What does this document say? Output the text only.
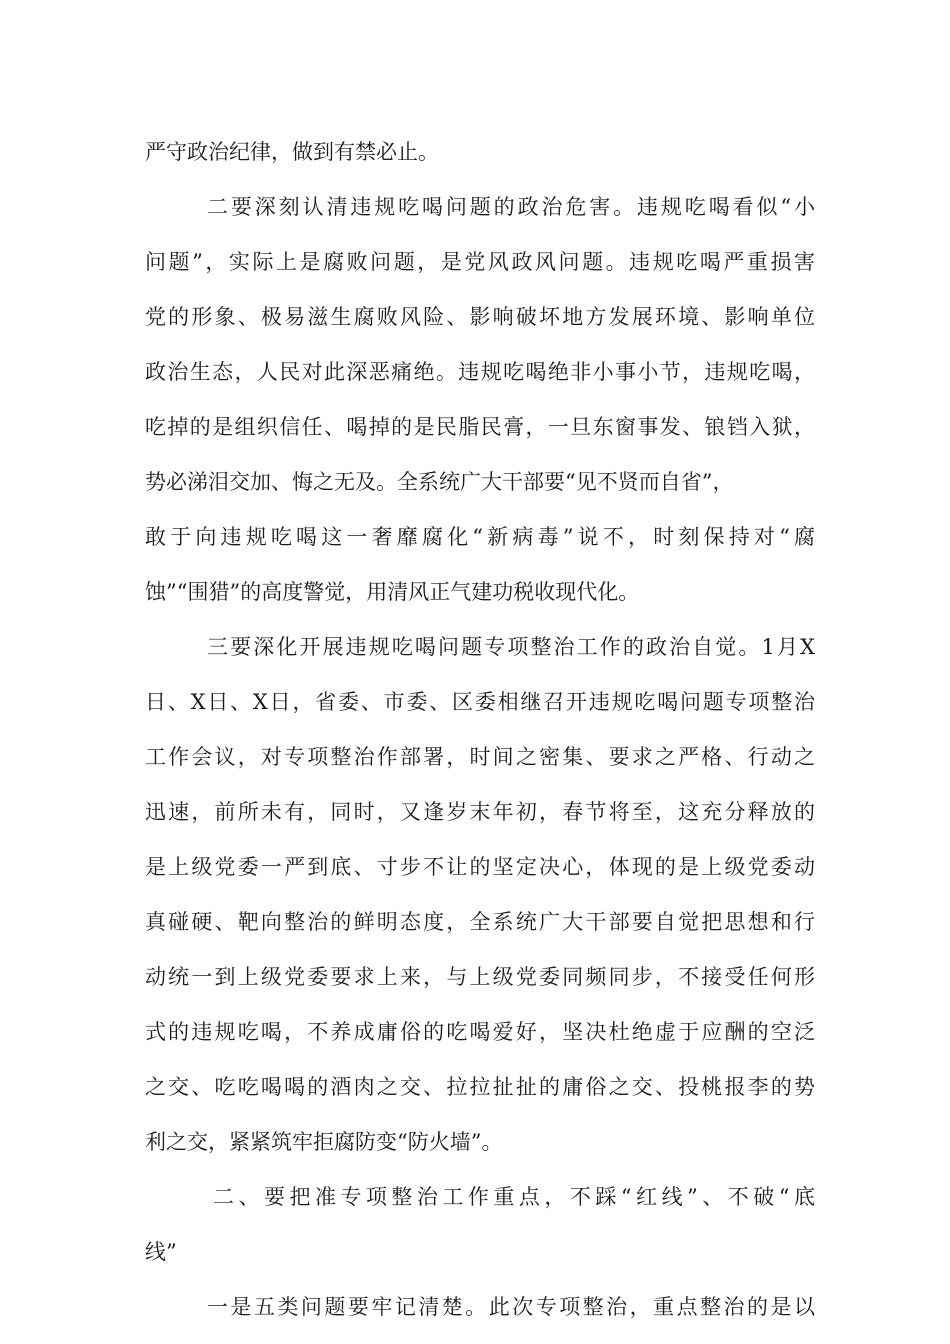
严守政治纪律，做到有禁必止。
二要深刻认清违规吃喝问题的政治危害。违规吃喝看似“小
问题”，实际上是腐败问题，是党风政风问题。违规吃喝严重损害
党的形象、极易滋生腐败风险、影响破坏地方发展环境、影响单位
政治生态，人民对此深恶痛绝。违规吃喝绝非小事小节，违规吃喝，
吃掉的是组织信任、喝掉的是民脂民膏，一旦东窗事发、锒铛入狱，
势必涕泪交加、悔之无及。全系统广大干部要“见不贤而自省”，
敢于向违规吃喝这一奢靡腐化“新病毒”说不，时刻保持对“腐
蚀”“围猎”的高度警觉，用清风正气建功税收现代化。
三要深化开展违规吃喝问题专项整治工作的政治自觉。1月X
日、X日、X日，省委、市委、区委相继召开违规吃喝问题专项整治
工作会议，对专项整治作部署，时间之密集、要求之严格、行动之
迅速，前所未有，同时，又逢岁末年初，春节将至，这充分释放的
是上级党委一严到底、寸步不让的坚定决心，体现的是上级党委动
真碰硬、靶向整治的鲜明态度，全系统广大干部要自觉把思想和行
动统一到上级党委要求上来，与上级党委同频同步，不接受任何形
式的违规吃喝，不养成庸俗的吃喝爱好，坚决杜绝虚于应酬的空泛
之交、吃吃喝喝的酒肉之交、拉拉扯扯的庸俗之交、投桃报李的势
利之交，紧紧筑牢拒腐防变“防火墙”。
二、要把准专项整治工作重点，不踩“红线”、不破“底
线”
一是五类问题要牢记清楚。此次专项整治，重点整治的是以
